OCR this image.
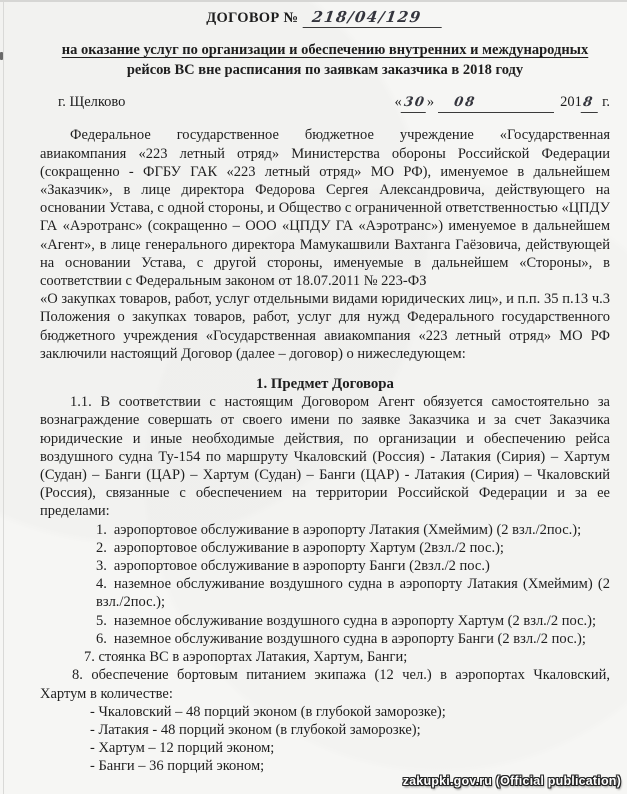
ДОГОВОР № 218/04/129
на оказание услуг по организации и обеспечению внутренних и международных
рейсов ВС вне расписания по заявкам заказчика в 2018 году
г. Щелково	«30» 08	2018 г.

Федеральное государственное бюджетное учреждение «Государственная авиакомпания «223 летный отряд» Министерства обороны Российской Федерации (сокращенно - ФГБУ ГАК «223 летный отряд» МО РФ), именуемое в дальнейшем «Заказчик», в лице директора Федорова Сергея Александровича, действующего на основании Устава, с одной стороны, и Общество с ограниченной ответственностью «ЦПДУ ГА «Аэротранс» (сокращенно – ООО «ЦПДУ ГА «Аэротранс») именуемое в дальнейшем «Агент», в лице генерального директора Мамукашвили Вахтанга Гаёзовича, действующей на основании Устава, с другой стороны, именуемые в дальнейшем «Стороны», в соответствии с Федеральным законом от 18.07.2011 № 223-ФЗ

«О закупках товаров, работ, услуг отдельными видами юридических лиц», и п.п. 35 п.13 ч.3 Положения о закупках товаров, работ, услуг для нужд Федерального государственного бюджетного учреждения «Государственная авиакомпания «223 летный отряд» МО РФ заключили настоящий Договор (далее – договор) о нижеследующем:

1. Предмет Договора

1.1. В соответствии с настоящим Договором Агент обязуется самостоятельно за вознаграждение совершать от своего имени по заявке Заказчика и за счет Заказчика юридические и иные необходимые действия, по организации и обеспечению рейса воздушного судна Ту-154 по маршруту Чкаловский (Россия) - Латакия (Сирия) – Хартум (Судан) – Банги (ЦАР) – Хартум (Судан) – Банги (ЦАР) - Латакия (Сирия) – Чкаловский (Россия), связанные с обеспечением на территории Российской Федерации и за ее пределами:

1. аэропортовое обслуживание в аэропорту Латакия (Хмеймим) (2 взл./2пос.);
2. аэропортовое обслуживание в аэропорту Хартум (2взл./2 пос.);
3. аэропортовое обслуживание в аэропорту Банги (2взл./2 пос.)
4. наземное обслуживание воздушного судна в аэропорту Латакия (Хмеймим) (2 взл./2пос.);
5. наземное обслуживание воздушного судна в аэропорту Хартум (2 взл./2 пос.);
6. наземное обслуживание воздушного судна в аэропорту Банги (2 взл./2 пос.);

7. стоянка ВС в аэропортах Латакия, Хартум, Банги;

8. обеспечение бортовым питанием экипажа (12 чел.) в аэропортах Чкаловский, Хартум в количестве:

- Чкаловский – 48 порций эконом (в глубокой заморозке);
- Латакия - 48 порций эконом (в глубокой заморозке);
- Хартум – 12 порций эконом;
- Банги – 36 порций эконом;
zakupki.gov.ru (Official publication)
